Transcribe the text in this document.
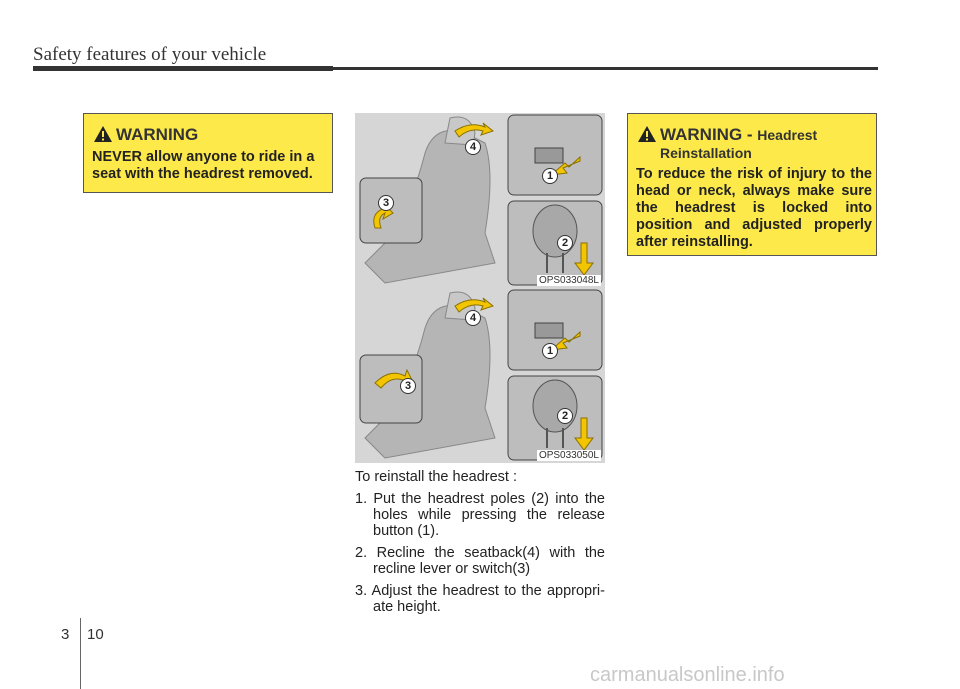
Safety features of your vehicle
WARNING
NEVER allow anyone to ride in a seat with the headrest removed.
WARNING - Headrest Reinstallation
To reduce the risk of injury to the head or neck, always make sure the headrest is locked into position and adjusted properly after reinstalling.
4
1
2
3
OPS033048L
4
1
2
3
OPS033050L

To reinstall the headrest :

1. Put the headrest poles (2) into the holes while pressing the release button (1).

2. Recline the seatback(4) with the recline lever or switch(3)

3. Adjust the headrest to the appropri- ate height.

3 10
carmanualsonline.info
